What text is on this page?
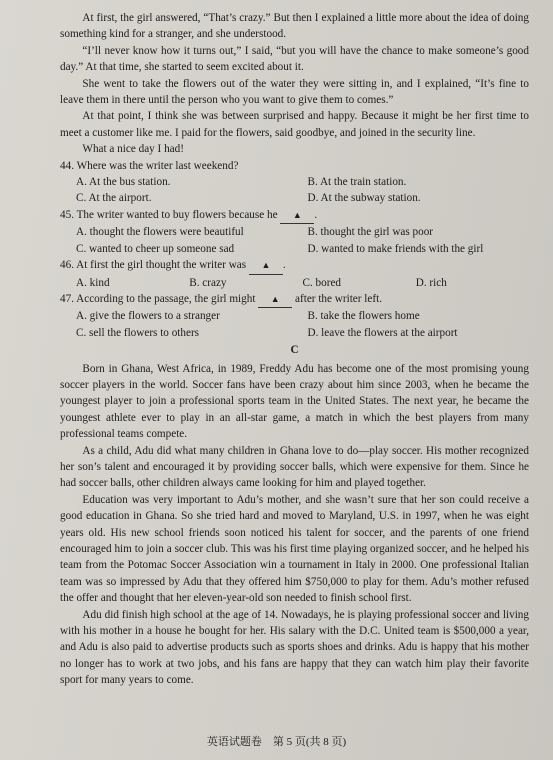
At first, the girl answered, “That’s crazy.” But then I explained a little more about the idea of doing something kind for a stranger, and she understood.

“I’ll never know how it turns out,” I said, “but you will have the chance to make someone’s good day.” At that time, she started to seem excited about it.

She went to take the flowers out of the water they were sitting in, and I explained, “It’s fine to leave them in there until the person who you want to give them to comes.”

At that point, I think she was between surprised and happy. Because it might be her first time to meet a customer like me. I paid for the flowers, said goodbye, and joined in the security line.

What a nice day I had!

44. Where was the writer last weekend?

A. At the bus station.	B. At the train station.
C. At the airport.	D. At the subway station.

45. The writer wanted to buy flowers because he ▲ .

A. thought the flowers were beautiful	B. thought the girl was poor
C. wanted to cheer up someone sad	D. wanted to make friends with the girl

46. At first the girl thought the writer was ▲ .

A. kind	B. crazy	C. bored	D. rich

47. According to the passage, the girl might ▲ after the writer left.

A. give the flowers to a stranger	B. take the flowers home
C. sell the flowers to others	D. leave the flowers at the airport
C

Born in Ghana, West Africa, in 1989, Freddy Adu has become one of the most promising young soccer players in the world. Soccer fans have been crazy about him since 2003, when he became the youngest player to join a professional sports team in the United States. The next year, he became the youngest athlete ever to play in an all-star game, a match in which the best players from many professional teams compete.

As a child, Adu did what many children in Ghana love to do—play soccer. His mother recognized her son’s talent and encouraged it by providing soccer balls, which were expensive for them. Since he had soccer balls, other children always came looking for him and played together.

Education was very important to Adu’s mother, and she wasn’t sure that her son could receive a good education in Ghana. So she tried hard and moved to Maryland, U.S. in 1997, when he was eight years old. His new school friends soon noticed his talent for soccer, and the parents of one friend encouraged him to join a soccer club. This was his first time playing organized soccer, and he helped his team from the Potomac Soccer Association win a tournament in Italy in 2000. One professional Italian team was so impressed by Adu that they offered him $750,000 to play for them. Adu’s mother refused the offer and thought that her eleven-year-old son needed to finish school first.

Adu did finish high school at the age of 14. Nowadays, he is playing professional soccer and living with his mother in a house he bought for her. His salary with the D.C. United team is $500,000 a year, and Adu is also paid to advertise products such as sports shoes and drinks. Adu is happy that his mother no longer has to work at two jobs, and his fans are happy that they can watch him play their favorite sport for many years to come.

英语试题卷　第 5 页(共 8 页)
